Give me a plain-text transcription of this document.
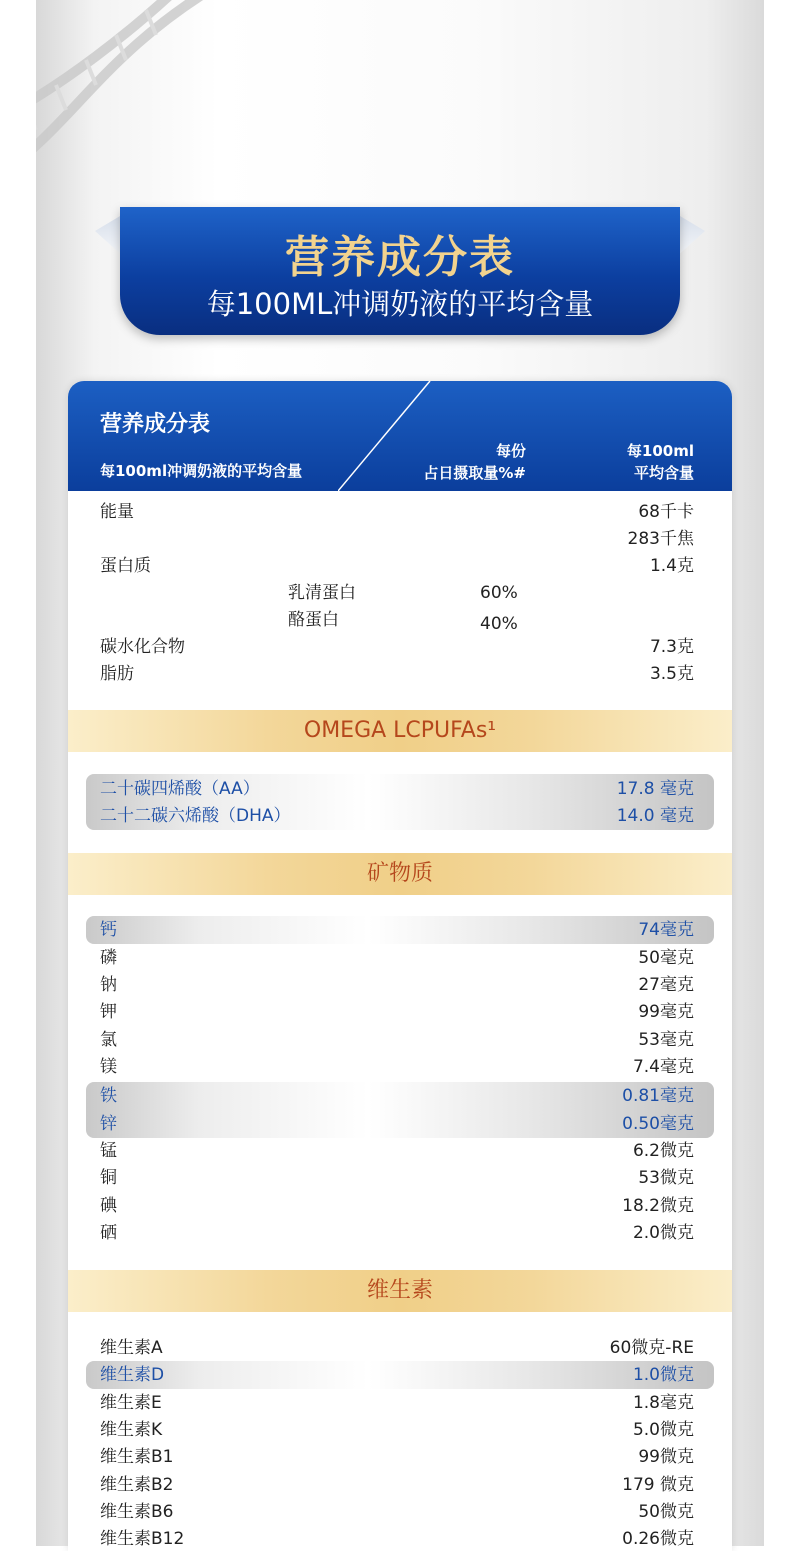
营养成分表
每100ML冲调奶液的平均含量
营养成分表
每100ml冲调奶液的平均含量
每份
占日摄取量%#
每100ml
平均含量
能量	68千卡
283千焦
蛋白质	1.4克
乳清蛋白	60%
酪蛋白	40%
碳水化合物	7.3克
脂肪	3.5克
OMEGA LCPUFAs¹
二十碳四烯酸（AA）	17.8 毫克
二十二碳六烯酸（DHA）	14.0 毫克
矿物质
钙	74毫克
磷	50毫克
钠	27毫克
钾	99毫克
氯	53毫克
镁	7.4毫克
铁	0.81毫克
锌	0.50毫克
锰	6.2微克
铜	53微克
碘	18.2微克
硒	2.0微克
维生素
维生素A	60微克-RE
维生素D	1.0微克
维生素E	1.8毫克
维生素K	5.0微克
维生素B1	99微克
维生素B2	179 微克
维生素B6	50微克
维生素B12	0.26微克
